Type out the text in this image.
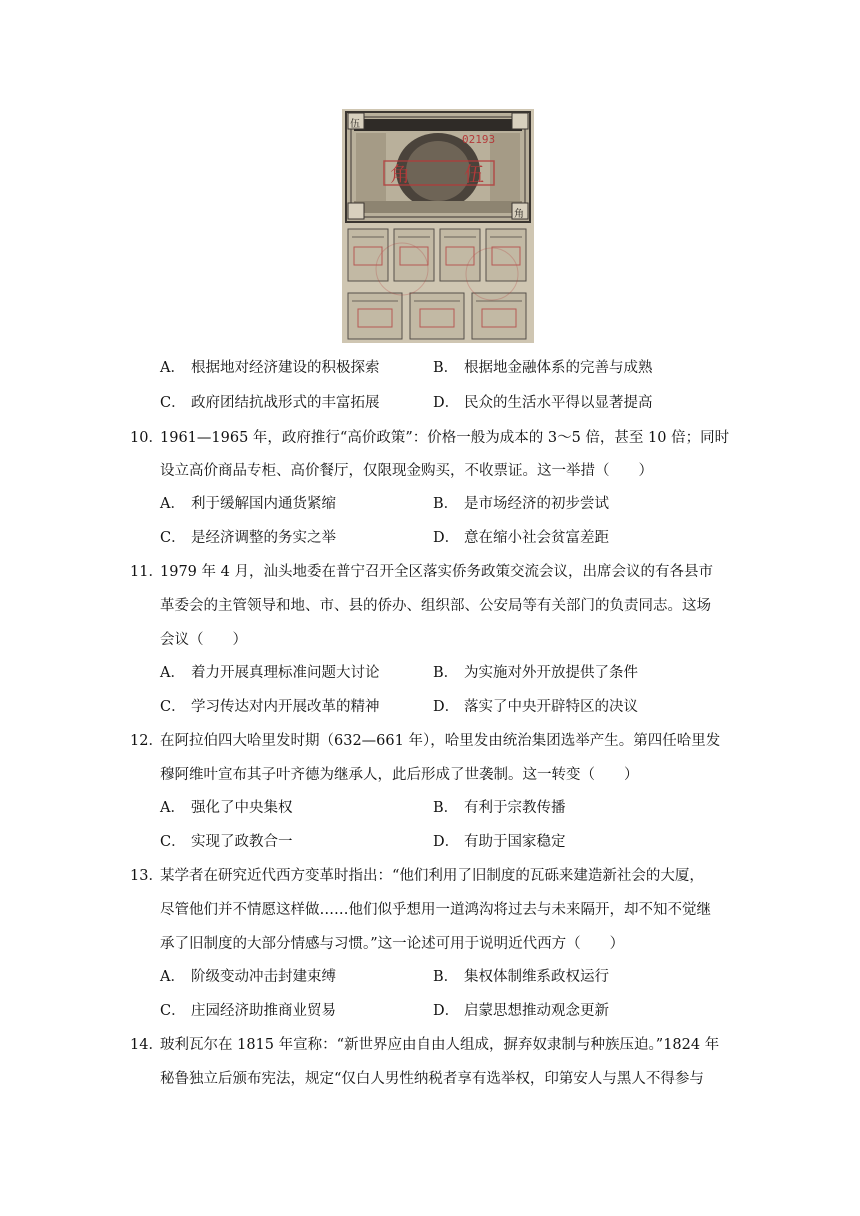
伍
角
02193
角	伍
A． 根据地对经济建设的积极探索	B． 根据地金融体系的完善与成熟
C． 政府团结抗战形式的丰富拓展	D． 民众的生活水平得以显著提高
10．1961—1965 年，政府推行“高价政策”：价格一般为成本的 3～5 倍，甚至 10 倍；同时
设立高价商品专柜、高价餐厅，仅限现金购买，不收票证。这一举措（　　）
A． 利于缓解国内通货紧缩	B． 是市场经济的初步尝试
C． 是经济调整的务实之举	D． 意在缩小社会贫富差距
11．1979 年 4 月，汕头地委在普宁召开全区落实侨务政策交流会议，出席会议的有各县市
革委会的主管领导和地、市、县的侨办、组织部、公安局等有关部门的负责同志。这场
会议（　　）
A． 着力开展真理标准问题大讨论	B． 为实施对外开放提供了条件
C． 学习传达对内开展改革的精神	D． 落实了中央开辟特区的决议
12．在阿拉伯四大哈里发时期（632—661 年），哈里发由统治集团选举产生。第四任哈里发
穆阿维叶宣布其子叶齐德为继承人，此后形成了世袭制。这一转变（　　）
A． 强化了中央集权	B． 有利于宗教传播
C． 实现了政教合一	D． 有助于国家稳定
13．某学者在研究近代西方变革时指出：“他们利用了旧制度的瓦砾来建造新社会的大厦，
尽管他们并不情愿这样做……他们似乎想用一道鸿沟将过去与未来隔开，却不知不觉继
承了旧制度的大部分情感与习惯。”这一论述可用于说明近代西方（　　）
A． 阶级变动冲击封建束缚	B． 集权体制维系政权运行
C． 庄园经济助推商业贸易	D． 启蒙思想推动观念更新
14．玻利瓦尔在 1815 年宣称：“新世界应由自由人组成，摒弃奴隶制与种族压迫。”1824 年
秘鲁独立后颁布宪法，规定“仅白人男性纳税者享有选举权，印第安人与黑人不得参与
